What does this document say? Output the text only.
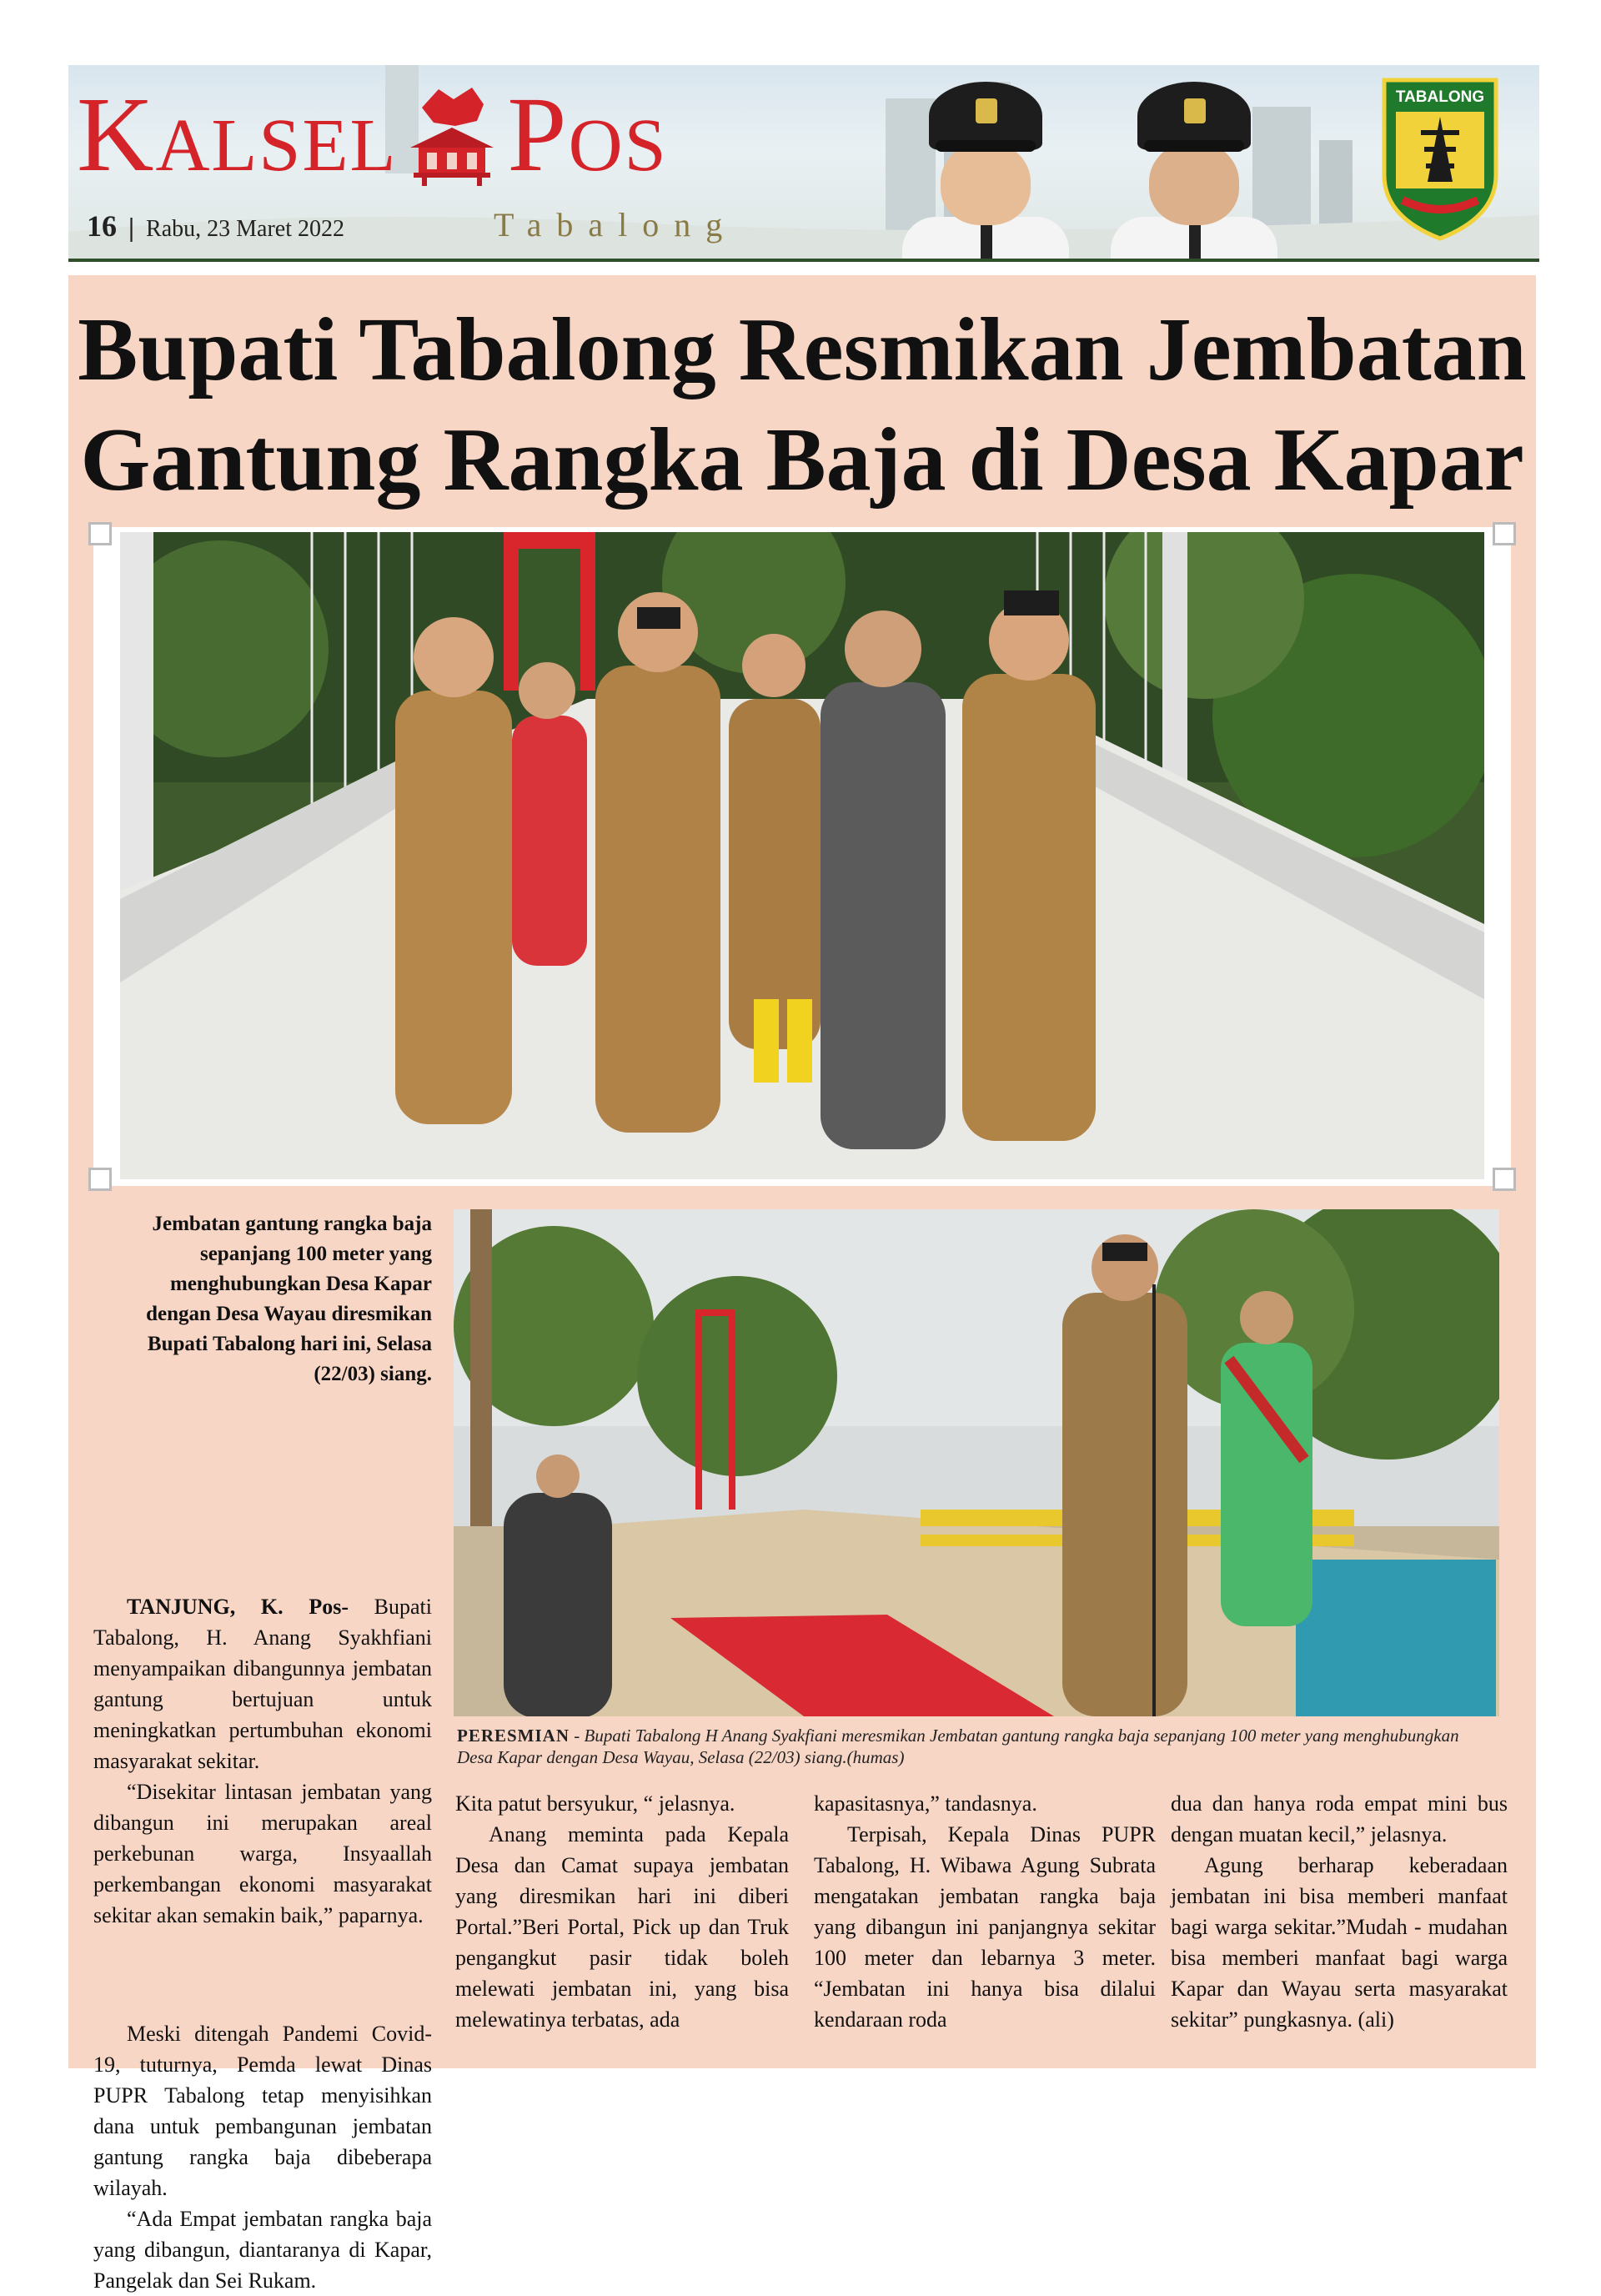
Kalsel Pos
16 | Rabu, 23 Maret 2022	Tabalong
TABALONG
Bupati Tabalong Resmikan Jembatan
Gantung Rangka Baja di Desa Kapar
Jembatan gantung rangka baja sepanjang 100 meter yang menghubungkan Desa Kapar dengan Desa Wayau diresmikan Bupati Tabalong hari ini, Selasa (22/03) siang.
PERESMIAN - Bupati Tabalong H Anang Syakfiani meresmikan Jembatan gantung rangka baja sepanjang 100 meter yang menghubungkan Desa Kapar dengan Desa Wayau, Selasa (22/03) siang.(humas)

TANJUNG, K. Pos- Bupati Tabalong, H. Anang Syakhfiani menyampaikan dibangunnya jembatan gantung bertujuan untuk meningkatkan pertumbuhan ekonomi masyarakat sekitar.

“Disekitar lintasan jembatan yang dibangun ini merupakan areal perkebunan warga, Insyaallah perkembangan ekonomi masyarakat sekitar akan semakin baik,” paparnya.

Meski ditengah Pandemi Covid-19, tuturnya, Pemda lewat Dinas PUPR Tabalong tetap menyisihkan dana untuk pembangunan jembatan gantung rangka baja dibeberapa wilayah.

“Ada Empat jembatan rangka baja yang dibangun, diantaranya di Kapar, Pangelak dan Sei Rukam.

Kita patut bersyukur, “ jelasnya.

Anang meminta pada Kepala Desa dan Camat supaya jembatan yang diresmikan hari ini diberi Portal.”Beri Portal, Pick up dan Truk pengangkut pasir tidak boleh melewati jembatan ini, yang bisa melewatinya terbatas, ada

kapasitasnya,” tandasnya.

Terpisah, Kepala Dinas PUPR Tabalong, H. Wibawa Agung Subrata mengatakan jembatan rangka baja yang dibangun ini panjangnya sekitar 100 meter dan lebarnya 3 meter. “Jembatan ini hanya bisa dilalui kendaraan roda

dua dan hanya roda empat mini bus dengan muatan kecil,” jelasnya.

Agung berharap keberadaan jembatan ini bisa memberi manfaat bagi warga sekitar.”Mudah - mudahan bisa memberi manfaat bagi warga Kapar dan Wayau serta masyarakat sekitar” pungkasnya. (ali)
